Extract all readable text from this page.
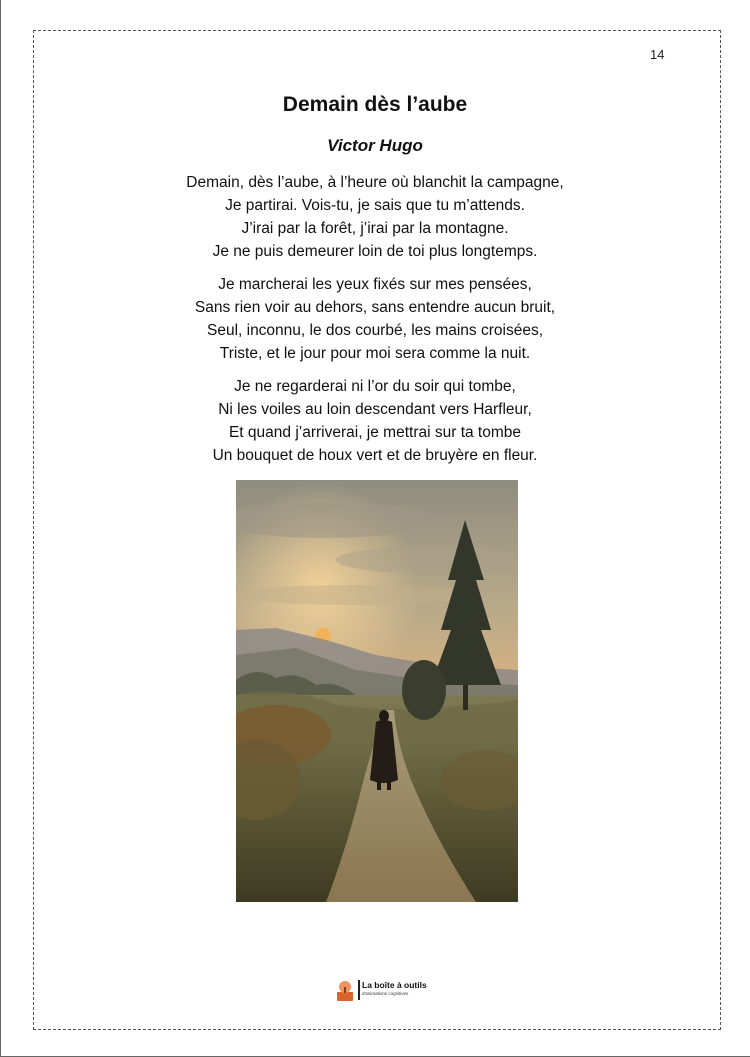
14
Demain dès l’aube
Victor Hugo

Demain, dès l’aube, à l’heure où blanchit la campagne,
Je partirai. Vois-tu, je sais que tu m’attends.
J’irai par la forêt, j’irai par la montagne.
Je ne puis demeurer loin de toi plus longtemps.

Je marcherai les yeux fixés sur mes pensées,
Sans rien voir au dehors, sans entendre aucun bruit,
Seul, inconnu, le dos courbé, les mains croisées,
Triste, et le jour pour moi sera comme la nuit.

Je ne regarderai ni l’or du soir qui tombe,
Ni les voiles au loin descendant vers Harfleur,
Et quand j’arriverai, je mettrai sur ta tombe
Un bouquet de houx vert et de bruyère en fleur.

La boîte à outils
d'animations cognitives
